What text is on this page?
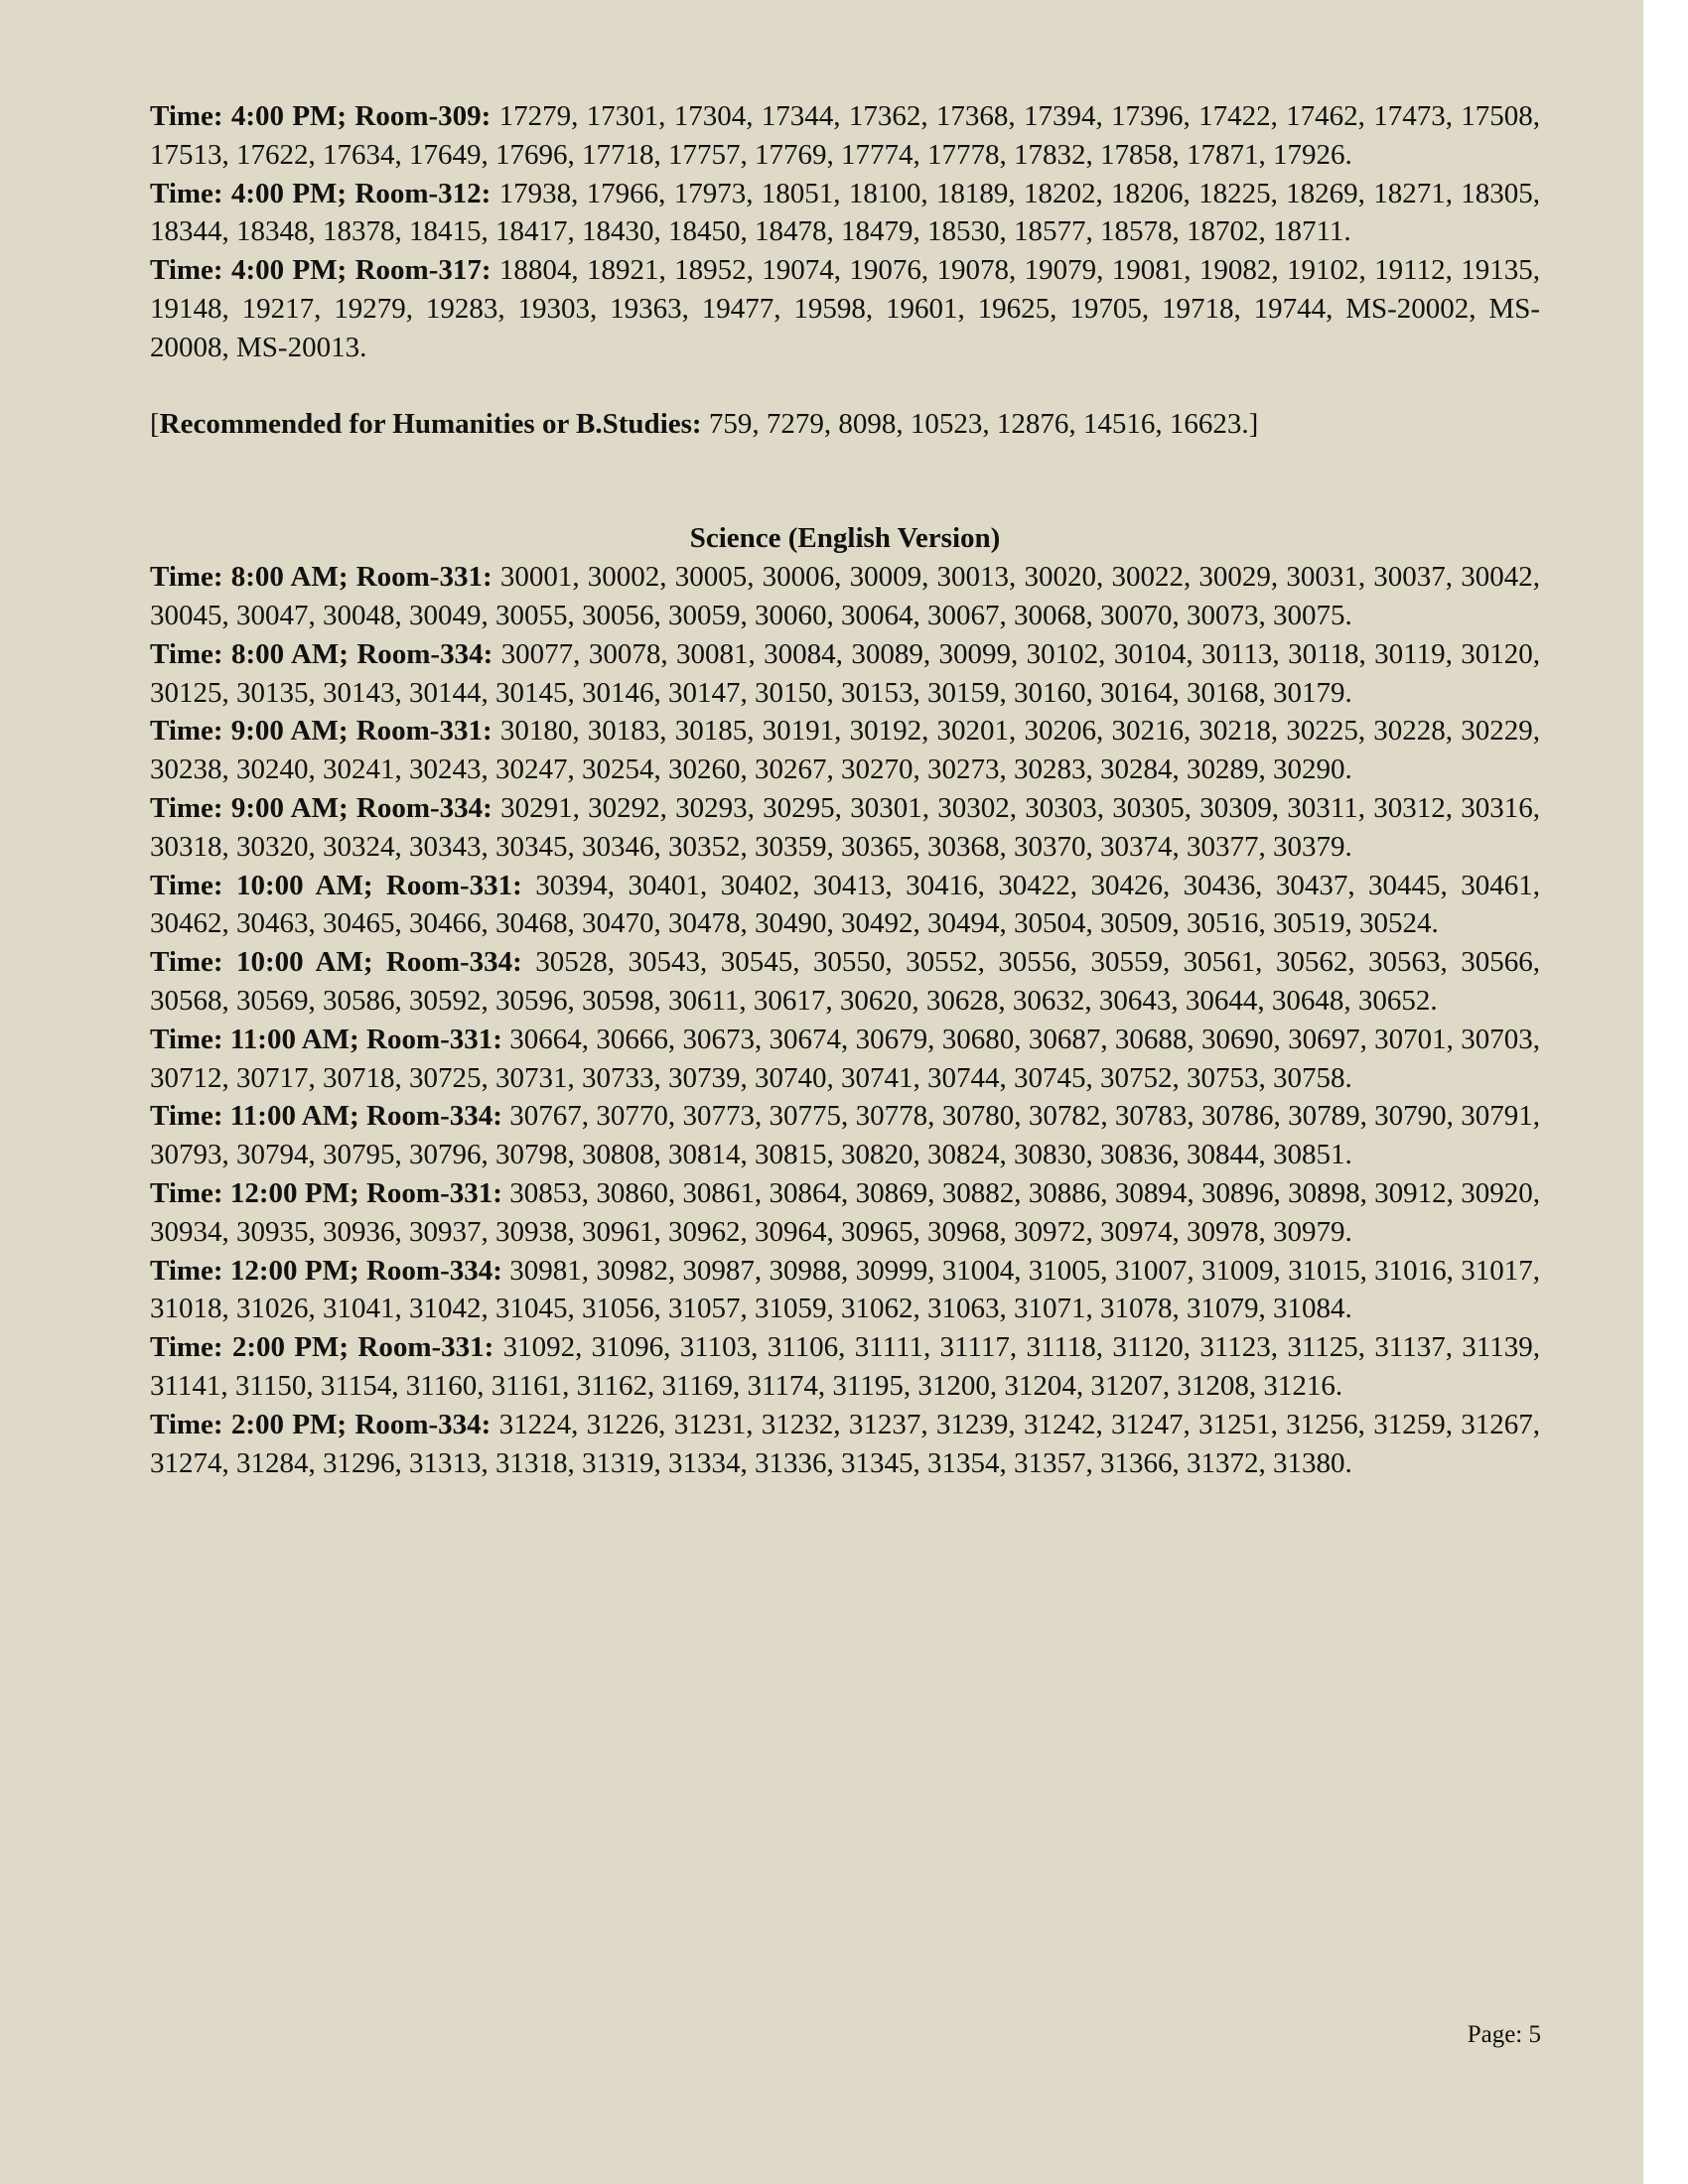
Time: 4:00 PM; Room-309: 17279, 17301, 17304, 17344, 17362, 17368, 17394, 17396, 17422, 17462, 17473, 17508, 17513, 17622, 17634, 17649, 17696, 17718, 17757, 17769, 17774, 17778, 17832, 17858, 17871, 17926.

Time: 4:00 PM; Room-312: 17938, 17966, 17973, 18051, 18100, 18189, 18202, 18206, 18225, 18269, 18271, 18305, 18344, 18348, 18378, 18415, 18417, 18430, 18450, 18478, 18479, 18530, 18577, 18578, 18702, 18711.

Time: 4:00 PM; Room-317: 18804, 18921, 18952, 19074, 19076, 19078, 19079, 19081, 19082, 19102, 19112, 19135, 19148, 19217, 19279, 19283, 19303, 19363, 19477, 19598, 19601, 19625, 19705, 19718, 19744, MS-20002, MS-20008, MS-20013.

[Recommended for Humanities or B.Studies: 759, 7279, 8098, 10523, 12876, 14516, 16623.]

Science (English Version)

Time: 8:00 AM; Room-331: 30001, 30002, 30005, 30006, 30009, 30013, 30020, 30022, 30029, 30031, 30037, 30042, 30045, 30047, 30048, 30049, 30055, 30056, 30059, 30060, 30064, 30067, 30068, 30070, 30073, 30075.

Time: 8:00 AM; Room-334: 30077, 30078, 30081, 30084, 30089, 30099, 30102, 30104, 30113, 30118, 30119, 30120, 30125, 30135, 30143, 30144, 30145, 30146, 30147, 30150, 30153, 30159, 30160, 30164, 30168, 30179.

Time: 9:00 AM; Room-331: 30180, 30183, 30185, 30191, 30192, 30201, 30206, 30216, 30218, 30225, 30228, 30229, 30238, 30240, 30241, 30243, 30247, 30254, 30260, 30267, 30270, 30273, 30283, 30284, 30289, 30290.

Time: 9:00 AM; Room-334: 30291, 30292, 30293, 30295, 30301, 30302, 30303, 30305, 30309, 30311, 30312, 30316, 30318, 30320, 30324, 30343, 30345, 30346, 30352, 30359, 30365, 30368, 30370, 30374, 30377, 30379.

Time: 10:00 AM; Room-331: 30394, 30401, 30402, 30413, 30416, 30422, 30426, 30436, 30437, 30445, 30461, 30462, 30463, 30465, 30466, 30468, 30470, 30478, 30490, 30492, 30494, 30504, 30509, 30516, 30519, 30524.

Time: 10:00 AM; Room-334: 30528, 30543, 30545, 30550, 30552, 30556, 30559, 30561, 30562, 30563, 30566, 30568, 30569, 30586, 30592, 30596, 30598, 30611, 30617, 30620, 30628, 30632, 30643, 30644, 30648, 30652.

Time: 11:00 AM; Room-331: 30664, 30666, 30673, 30674, 30679, 30680, 30687, 30688, 30690, 30697, 30701, 30703, 30712, 30717, 30718, 30725, 30731, 30733, 30739, 30740, 30741, 30744, 30745, 30752, 30753, 30758.

Time: 11:00 AM; Room-334: 30767, 30770, 30773, 30775, 30778, 30780, 30782, 30783, 30786, 30789, 30790, 30791, 30793, 30794, 30795, 30796, 30798, 30808, 30814, 30815, 30820, 30824, 30830, 30836, 30844, 30851.

Time: 12:00 PM; Room-331: 30853, 30860, 30861, 30864, 30869, 30882, 30886, 30894, 30896, 30898, 30912, 30920, 30934, 30935, 30936, 30937, 30938, 30961, 30962, 30964, 30965, 30968, 30972, 30974, 30978, 30979.

Time: 12:00 PM; Room-334: 30981, 30982, 30987, 30988, 30999, 31004, 31005, 31007, 31009, 31015, 31016, 31017, 31018, 31026, 31041, 31042, 31045, 31056, 31057, 31059, 31062, 31063, 31071, 31078, 31079, 31084.

Time: 2:00 PM; Room-331: 31092, 31096, 31103, 31106, 31111, 31117, 31118, 31120, 31123, 31125, 31137, 31139, 31141, 31150, 31154, 31160, 31161, 31162, 31169, 31174, 31195, 31200, 31204, 31207, 31208, 31216.

Time: 2:00 PM; Room-334: 31224, 31226, 31231, 31232, 31237, 31239, 31242, 31247, 31251, 31256, 31259, 31267, 31274, 31284, 31296, 31313, 31318, 31319, 31334, 31336, 31345, 31354, 31357, 31366, 31372, 31380.

Page: 5
